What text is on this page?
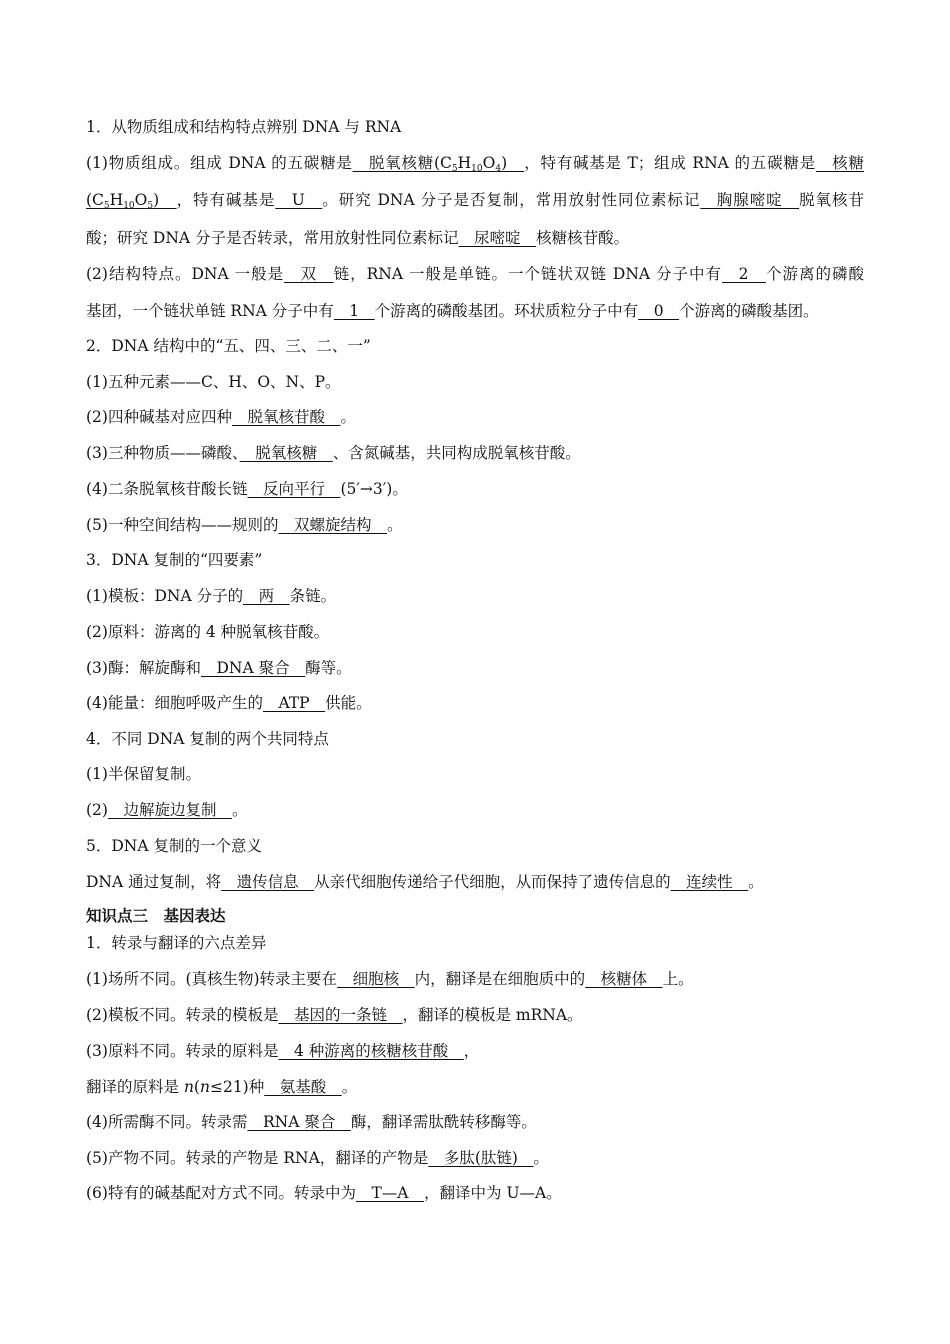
1．从物质组成和结构特点辨别 DNA 与 RNA
(1)物质组成。组成 DNA 的五碳糖是　脱氧核糖$(C_5H_{10}O_4)$　，特有碱基是 T；组成 RNA 的五碳糖是　核糖
$(C_5H_{10}O_5)$　，特有碱基是　U　。研究 DNA 分子是否复制，常用放射性同位素标记　胸腺嘧啶　脱氧核苷
酸；研究 DNA 分子是否转录，常用放射性同位素标记　尿嘧啶　核糖核苷酸。
(2)结构特点。DNA 一般是　双　链，RNA 一般是单链。一个链状双链 DNA 分子中有　2　个游离的磷酸
基团，一个链状单链 RNA 分子中有　1　个游离的磷酸基团。环状质粒分子中有　0　个游离的磷酸基团。
2．DNA 结构中的“五、四、三、二、一”
(1)五种元素——C、H、O、N、P。
(2)四种碱基对应四种　脱氧核苷酸　。
(3)三种物质——磷酸、　脱氧核糖　、含氮碱基，共同构成脱氧核苷酸。
(4)二条脱氧核苷酸长链　反向平行　(5′→3′)。
(5)一种空间结构——规则的　双螺旋结构　。
3．DNA 复制的“四要素”
(1)模板：DNA 分子的　两　条链。
(2)原料：游离的 4 种脱氧核苷酸。
(3)酶：解旋酶和　DNA 聚合　酶等。
(4)能量：细胞呼吸产生的　ATP　供能。
4．不同 DNA 复制的两个共同特点
(1)半保留复制。
(2)　边解旋边复制　。
5．DNA 复制的一个意义
DNA 通过复制，将　遗传信息　从亲代细胞传递给子代细胞，从而保持了遗传信息的　连续性　。
知识点三　基因表达
1．转录与翻译的六点差异
(1)场所不同。(真核生物)转录主要在　细胞核　内，翻译是在细胞质中的　核糖体　上。
(2)模板不同。转录的模板是　基因的一条链　，翻译的模板是 mRNA。
(3)原料不同。转录的原料是　4 种游离的核糖核苷酸　，
翻译的原料是 n(n≤21)种　氨基酸　。
(4)所需酶不同。转录需　RNA 聚合　酶，翻译需肽酰转移酶等。
(5)产物不同。转录的产物是 RNA，翻译的产物是　多肽(肽链)　。
(6)特有的碱基配对方式不同。转录中为　T—A　，翻译中为 U—A。
